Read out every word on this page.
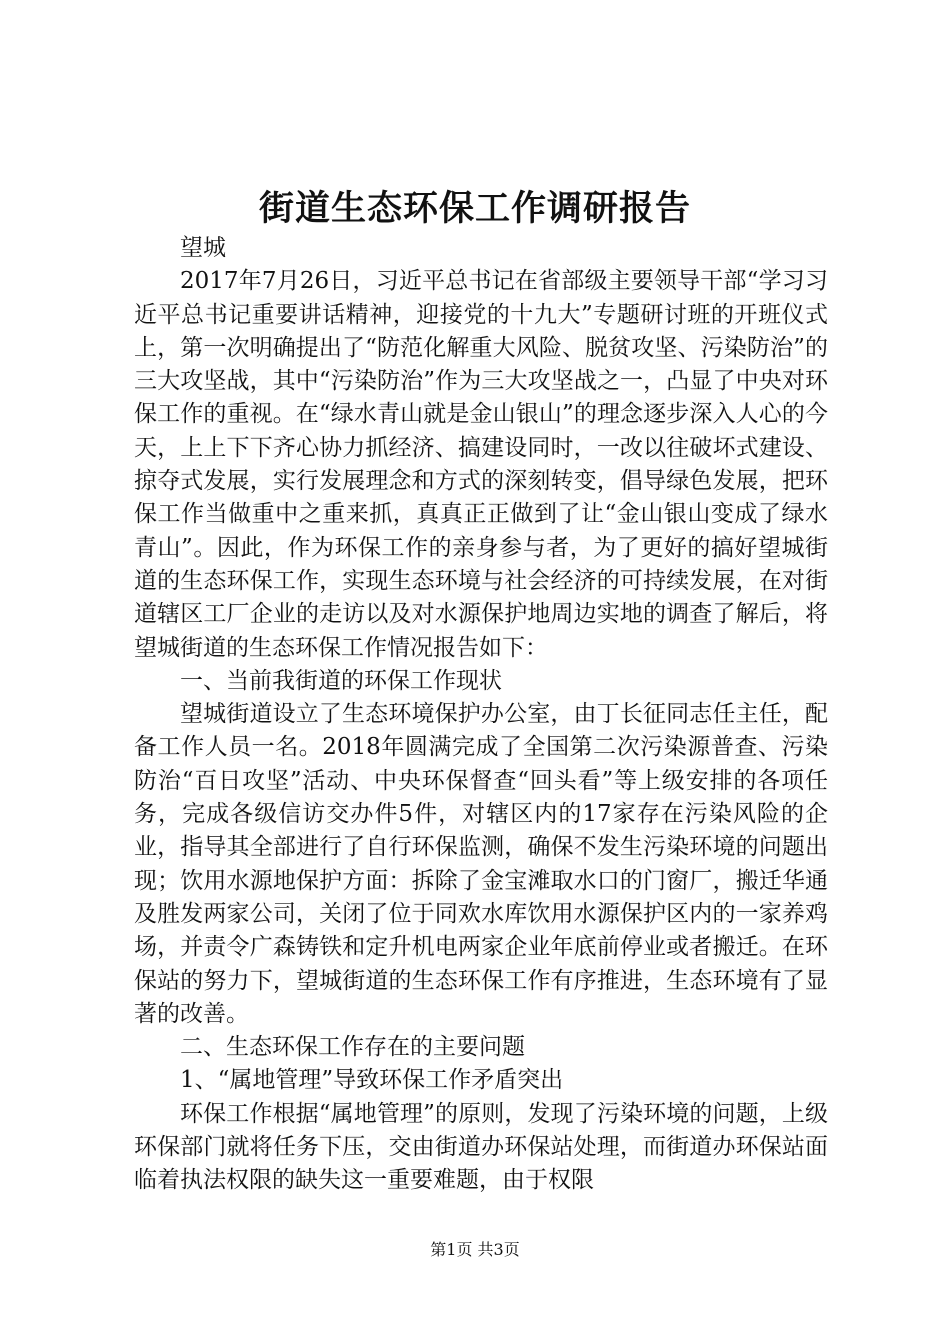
街道生态环保工作调研报告

望城

2017年7月26日，习近平总书记在省部级主要领导干部“学习习近平总书记重要讲话精神，迎接党的十九大”专题研讨班的开班仪式上，第一次明确提出了“防范化解重大风险、脱贫攻坚、污染防治”的三大攻坚战，其中“污染防治”作为三大攻坚战之一，凸显了中央对环保工作的重视。在“绿水青山就是金山银山”的理念逐步深入人心的今天，上上下下齐心协力抓经济、搞建设同时，一改以往破坏式建设、掠夺式发展，实行发展理念和方式的深刻转变，倡导绿色发展，把环保工作当做重中之重来抓，真真正正做到了让“金山银山变成了绿水青山”。因此，作为环保工作的亲身参与者，为了更好的搞好望城街道的生态环保工作，实现生态环境与社会经济的可持续发展，在对街道辖区工厂企业的走访以及对水源保护地周边实地的调查了解后，将望城街道的生态环保工作情况报告如下：

一、当前我街道的环保工作现状

望城街道设立了生态环境保护办公室，由丁长征同志任主任，配备工作人员一名。2018年圆满完成了全国第二次污染源普查、污染防治“百日攻坚”活动、中央环保督查“回头看”等上级安排的各项任务，完成各级信访交办件5件，对辖区内的17家存在污染风险的企业，指导其全部进行了自行环保监测，确保不发生污染环境的问题出现；饮用水源地保护方面：拆除了金宝滩取水口的门窗厂，搬迁华通及胜发两家公司，关闭了位于同欢水库饮用水源保护区内的一家养鸡场，并责令广森铸铁和定升机电两家企业年底前停业或者搬迁。在环保站的努力下，望城街道的生态环保工作有序推进，生态环境有了显著的改善。

二、生态环保工作存在的主要问题

1、“属地管理”导致环保工作矛盾突出

环保工作根据“属地管理”的原则，发现了污染环境的问题，上级环保部门就将任务下压，交由街道办环保站处理，而街道办环保站面临着执法权限的缺失这一重要难题，由于权限

第1页 共3页
